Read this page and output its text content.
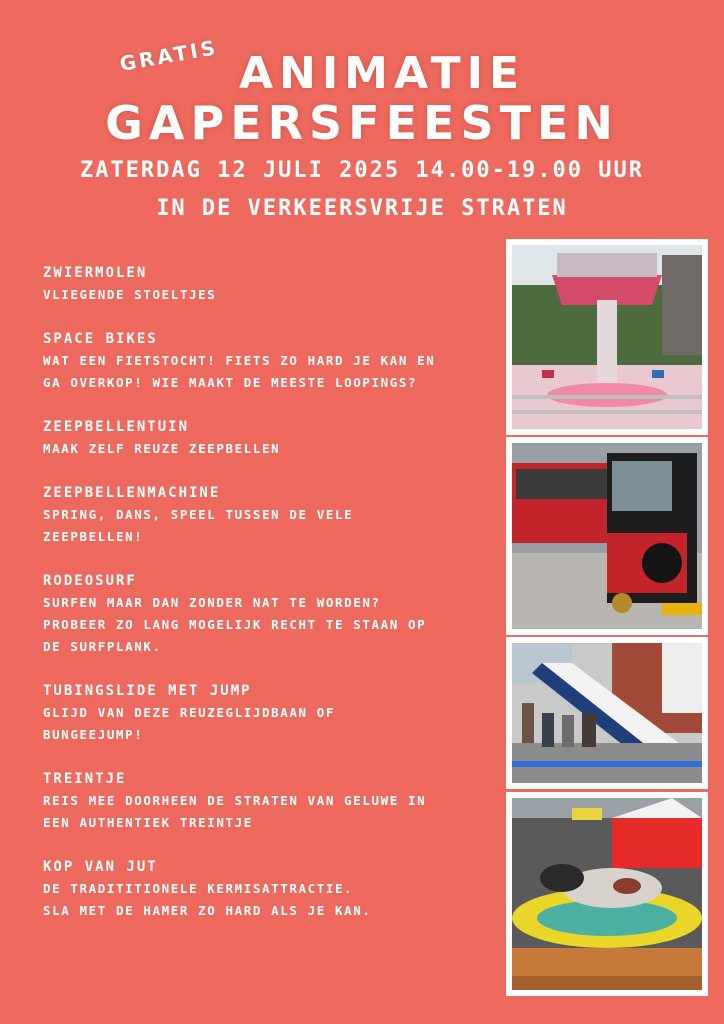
GRATIS ANIMATIE
GAPERSFEESTEN
ZATERDAG 12 JULI 2025 14.00-19.00 UUR
IN DE VERKEERSVRIJE STRATEN
ZWIERMOLEN

VLIEGENDE STOELTJES

SPACE BIKES

WAT EEN FIETSTOCHT! FIETS ZO HARD JE KAN EN
GA OVERKOP! WIE MAAKT DE MEESTE LOOPINGS?

ZEEPBELLENTUIN

MAAK ZELF REUZE ZEEPBELLEN

ZEEPBELLENMACHINE

SPRING, DANS, SPEEL TUSSEN DE VELE
ZEEPBELLEN!

RODEOSURF

SURFEN MAAR DAN ZONDER NAT TE WORDEN?
PROBEER ZO LANG MOGELIJK RECHT TE STAAN OP
DE SURFPLANK.

TUBINGSLIDE MET JUMP

GLIJD VAN DEZE REUZEGLIJDBAAN OF
BUNGEEJUMP!

TREINTJE

REIS MEE DOORHEEN DE STRATEN VAN GELUWE IN
EEN AUTHENTIEK TREINTJE

KOP VAN JUT

DE TRADITITIONELE KERMISATTRACTIE.
SLA MET DE HAMER ZO HARD ALS JE KAN.
